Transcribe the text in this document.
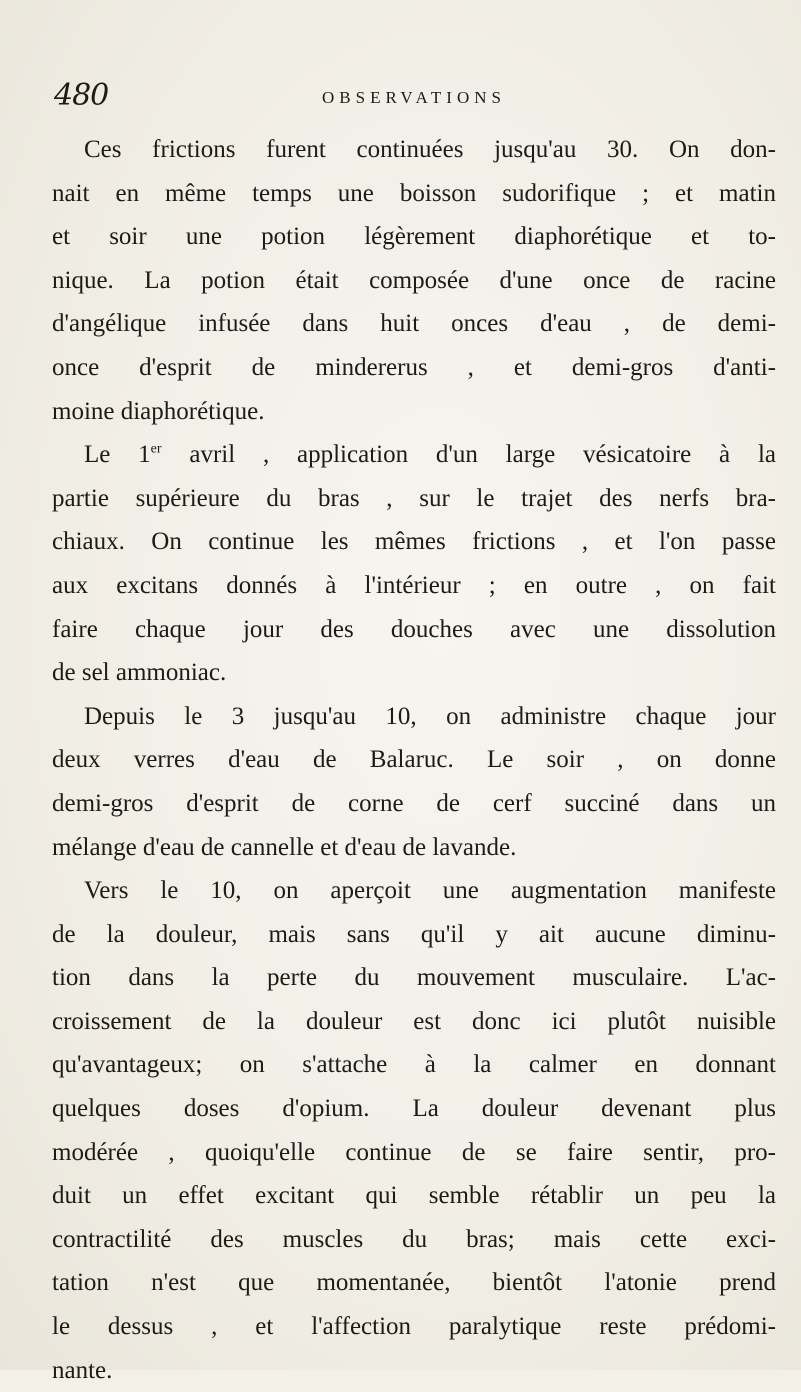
480	OBSERVATIONS
Ces frictions furent continuées jusqu'au 30. On don-
nait en même temps une boisson sudorifique ; et matin
et soir une potion légèrement diaphorétique et to-
nique. La potion était composée d'une once de racine
d'angélique infusée dans huit onces d'eau , de demi-
once d'esprit de mindererus , et demi-gros d'anti-
moine diaphorétique.
Le 1er avril , application d'un large vésicatoire à la
partie supérieure du bras , sur le trajet des nerfs bra-
chiaux. On continue les mêmes frictions , et l'on passe
aux excitans donnés à l'intérieur ; en outre , on fait
faire chaque jour des douches avec une dissolution
de sel ammoniac.
Depuis le 3 jusqu'au 10, on administre chaque jour
deux verres d'eau de Balaruc. Le soir , on donne
demi-gros d'esprit de corne de cerf succiné dans un
mélange d'eau de cannelle et d'eau de lavande.
Vers le 10, on aperçoit une augmentation manifeste
de la douleur, mais sans qu'il y ait aucune diminu-
tion dans la perte du mouvement musculaire. L'ac-
croissement de la douleur est donc ici plutôt nuisible
qu'avantageux; on s'attache à la calmer en donnant
quelques doses d'opium. La douleur devenant plus
modérée , quoiqu'elle continue de se faire sentir, pro-
duit un effet excitant qui semble rétablir un peu la
contractilité des muscles du bras; mais cette exci-
tation n'est que momentanée, bientôt l'atonie prend
le dessus , et l'affection paralytique reste prédomi-
nante.
